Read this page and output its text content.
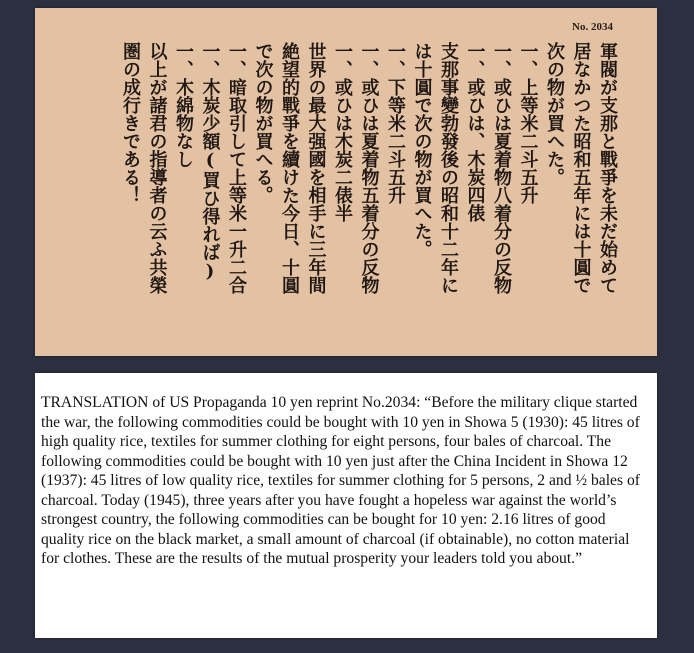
No. 2034
軍閥が支那と戰爭を未だ始めて
居なかつた昭和五年には十圓で
次の物が買へた。
一、上等米二斗五升
一、或ひは夏着物八着分の反物
一、或ひは、木炭四俵
支那事變勃發後の昭和十二年に
は十圓で次の物が買へた。
一、下等米二斗五升
一、或ひは夏着物五着分の反物
一、或ひは木炭二俵半
世界の最大强國を相手に三年間
絶望的戰爭を續けた今日、十圓
で次の物が買へる。
一、暗取引して上等米一升二合
一、木炭少額(買ひ得れば)
一、木綿物なし
以上が諸君の指導者の云ふ共榮
圏の成行きである！
TRANSLATION of US Propaganda 10 yen reprint No.2034: “Before the military clique started the war, the following commodities could be bought with 10 yen in Showa 5 (1930): 45 litres of high quality rice, textiles for summer clothing for eight persons, four bales of charcoal. The following commodities could be bought with 10 yen just after the China Incident in Showa 12 (1937): 45 litres of low quality rice, textiles for summer clothing for 5 persons, 2 and ½ bales of charcoal. Today (1945), three years after you have fought a hopeless war against the world’s strongest country, the following commodities can be bought for 10 yen: 2.16 litres of good quality rice on the black market, a small amount of charcoal (if obtainable), no cotton material for clothes. These are the results of the mutual prosperity your leaders told you about.”
